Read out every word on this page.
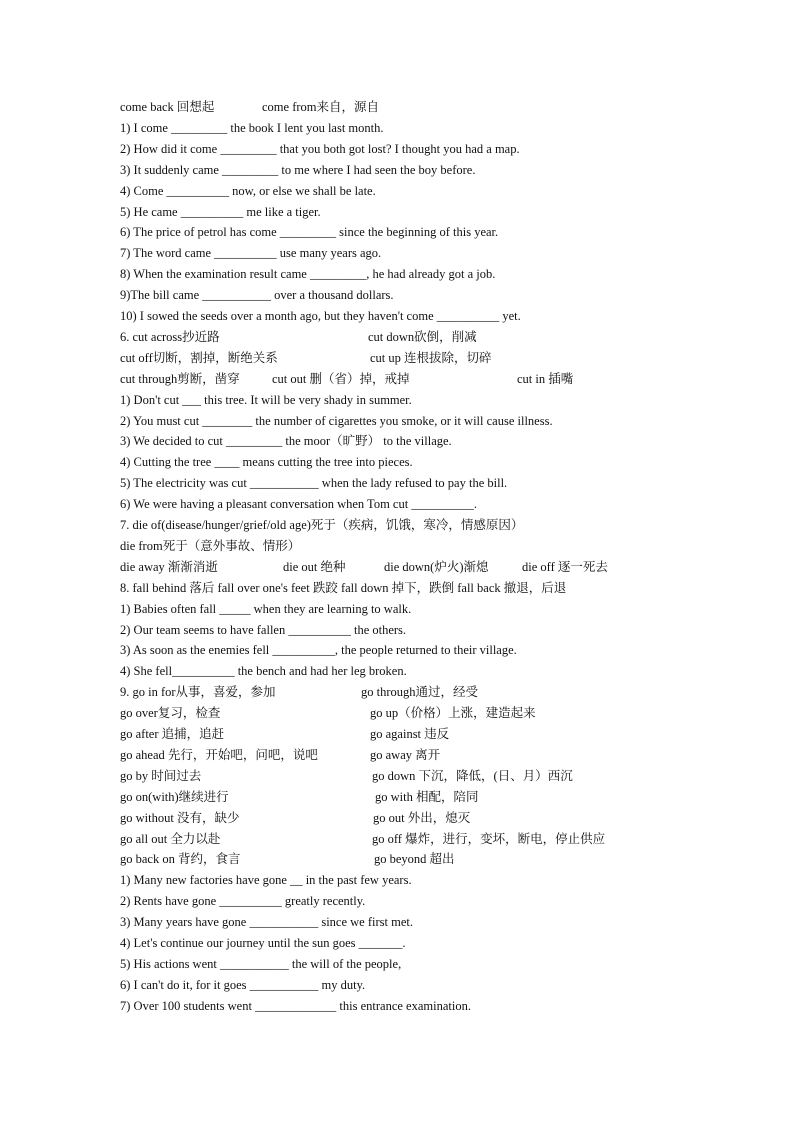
come back 回想起	come from来自，源自
1) I come _________ the book I lent you last month.
2) How did it come _________ that you both got lost? I thought you had a map.
3) It suddenly came _________ to me where I had seen the boy before.
4) Come __________ now, or else we shall be late.
5) He came __________ me like a tiger.
6) The price of petrol has come _________ since the beginning of this year.
7) The word came __________ use many years ago.
8) When the examination result came _________, he had already got a job.
9)The bill came ___________ over a thousand dollars.
10) I sowed the seeds over a month ago, but they haven't come __________ yet.
6. cut across抄近路	cut down砍倒，削减
cut off切断，割掉，断绝关系	cut up 连根拔除，切碎
cut through剪断，凿穿	cut out 删（省）掉，戒掉	cut in 插嘴
1) Don't cut ___ this tree. It will be very shady in summer.
2) You must cut ________ the number of cigarettes you smoke, or it will cause illness.
3) We decided to cut _________ the moor（旷野） to the village.
4) Cutting the tree ____ means cutting the tree into pieces.
5) The electricity was cut ___________ when the lady refused to pay the bill.
6) We were having a pleasant conversation when Tom cut __________.
7. die of(disease/hunger/grief/old age)死于（疾病，饥饿，寒冷，情感原因）
die from死于（意外事故、情形）
die away 渐渐消逝	die out 绝种	die down(炉火)渐熄	die off 逐一死去
8. fall behind 落后 fall over one's feet 跌跤 fall down 掉下，跌倒 fall back 撤退，后退
1) Babies often fall _____ when they are learning to walk.
2) Our team seems to have fallen __________ the others.
3) As soon as the enemies fell __________, the people returned to their village.
4) She fell__________ the bench and had her leg broken.
9. go in for从事，喜爱，参加	go through通过，经受
go over复习，检查	go up（价格）上涨，建造起来
go after 追捕，追赶	go against 违反
go ahead 先行，开始吧，问吧，说吧	go away 离开
go by 时间过去	go down 下沉，降低，(日、月）西沉
go on(with)继续进行	go with 相配，陪同
go without 没有，缺少	go out 外出，熄灭
go all out 全力以赴	go off 爆炸，进行，变坏，断电，停止供应
go back on 背约，食言	go beyond 超出
1) Many new factories have gone __ in the past few years.
2) Rents have gone __________ greatly recently.
3) Many years have gone ___________ since we first met.
4) Let's continue our journey until the sun goes _______.
5) His actions went ___________ the will of the people,
6) I can't do it, for it goes ___________ my duty.
7) Over 100 students went _____________ this entrance examination.
